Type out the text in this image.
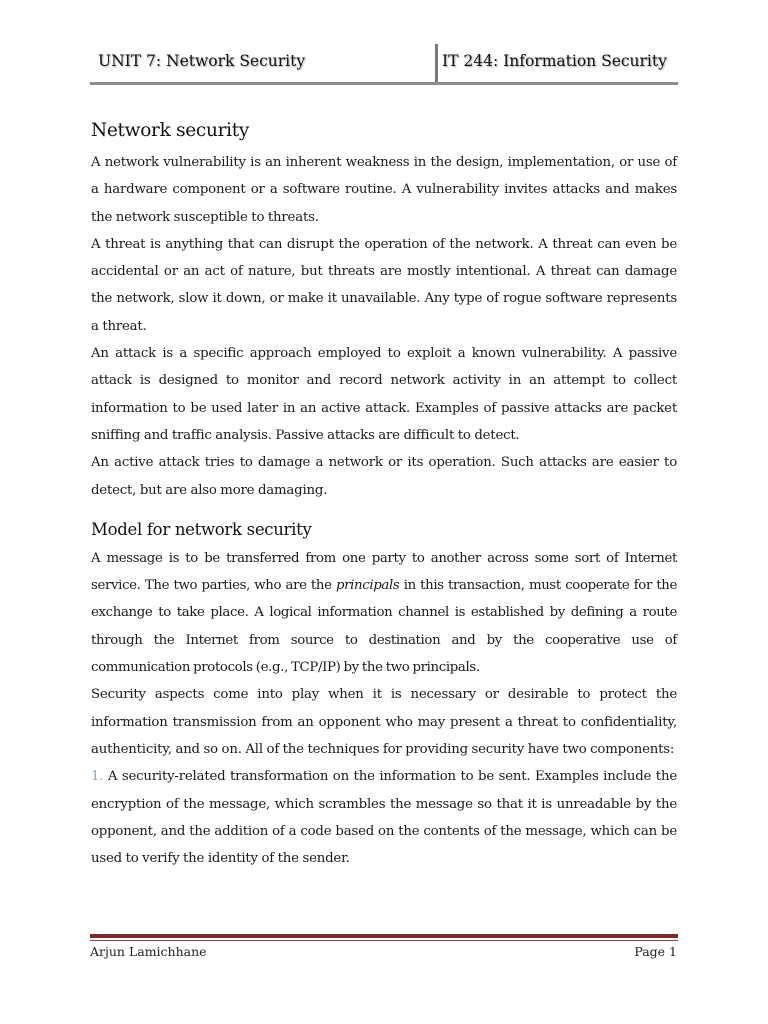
UNIT 7: Network Security	IT 244: Information Security
Network security

A network vulnerability is an inherent weakness in the design, implementation, or use of a hardware component or a software routine. A vulnerability invites attacks and makes the network susceptible to threats.

A threat is anything that can disrupt the operation of the network. A threat can even be accidental or an act of nature, but threats are mostly intentional. A threat can damage the network, slow it down, or make it unavailable. Any type of rogue software represents a threat.

An attack is a specific approach employed to exploit a known vulnerability. A passive attack is designed to monitor and record network activity in an attempt to collect information to be used later in an active attack. Examples of passive attacks are packet sniffing and traffic analysis. Passive attacks are difficult to detect.

An active attack tries to damage a network or its operation. Such attacks are easier to detect, but are also more damaging.

Model for network security

A message is to be transferred from one party to another across some sort of Internet service. The two parties, who are the principals in this transaction, must cooperate for the exchange to take place. A logical information channel is established by defining a route through the Internet from source to destination and by the cooperative use of communication protocols (e.g., TCP/IP) by the two principals.

Security aspects come into play when it is necessary or desirable to protect the information transmission from an opponent who may present a threat to confidentiality, authenticity, and so on. All of the techniques for providing security have two components:

1. A security-related transformation on the information to be sent. Examples include the encryption of the message, which scrambles the message so that it is unreadable by the opponent, and the addition of a code based on the contents of the message, which can be used to verify the identity of the sender.

Arjun Lamichhane	Page 1
